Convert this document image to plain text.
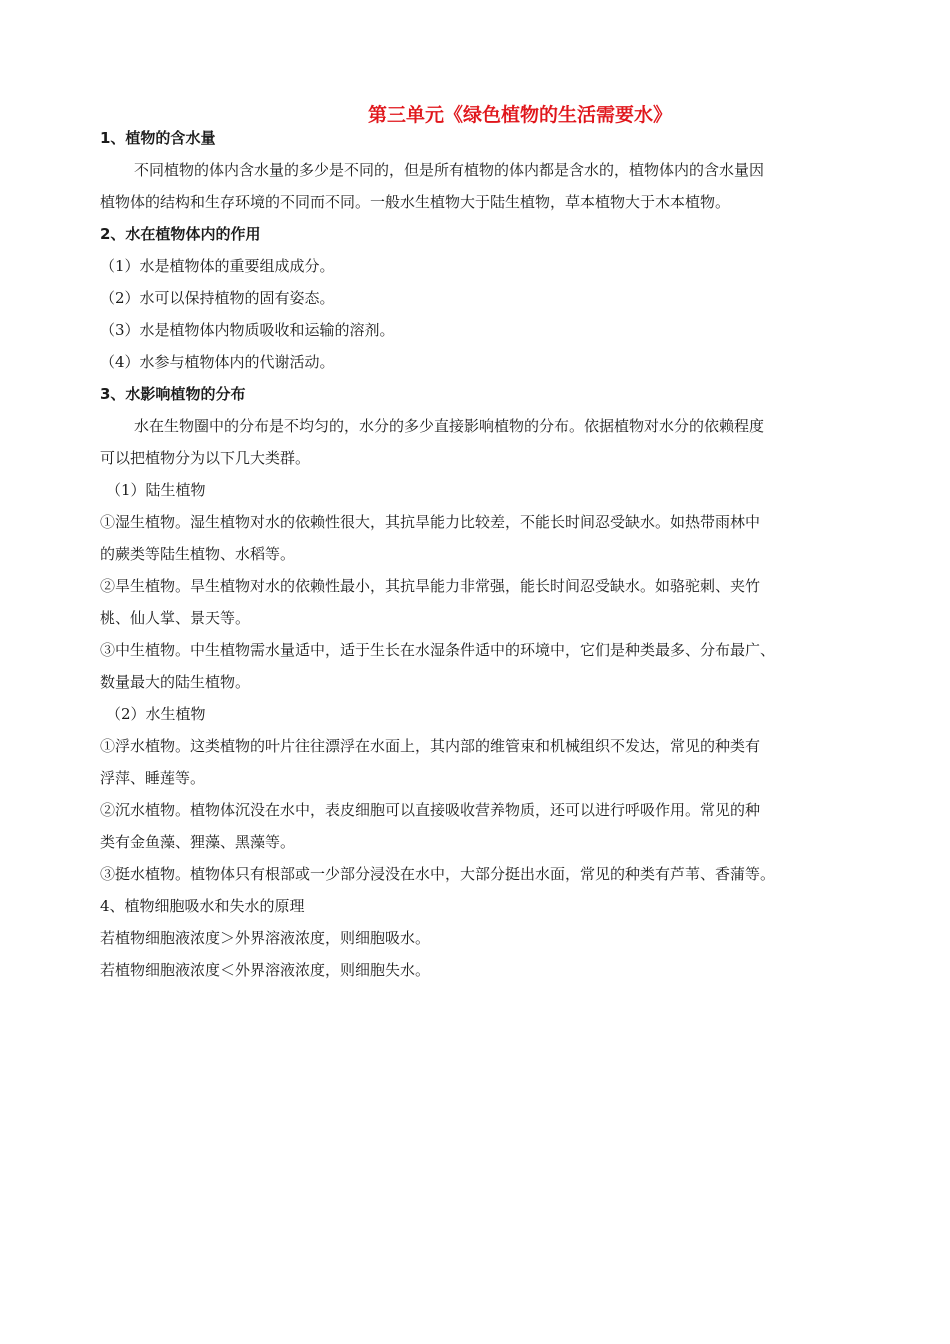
第三单元《绿色植物的生活需要水》

1、植物的含水量

不同植物的体内含水量的多少是不同的，但是所有植物的体内都是含水的，植物体内的含水量因

植物体的结构和生存环境的不同而不同。一般水生植物大于陆生植物，草本植物大于木本植物。

2、水在植物体内的作用

（1）水是植物体的重要组成成分。

（2）水可以保持植物的固有姿态。

（3）水是植物体内物质吸收和运输的溶剂。

（4）水参与植物体内的代谢活动。

3、水影响植物的分布

水在生物圈中的分布是不均匀的，水分的多少直接影响植物的分布。依据植物对水分的依赖程度

可以把植物分为以下几大类群。

（1）陆生植物

①湿生植物。湿生植物对水的依赖性很大，其抗旱能力比较差，不能长时间忍受缺水。如热带雨林中

的蕨类等陆生植物、水稻等。

②旱生植物。旱生植物对水的依赖性最小，其抗旱能力非常强，能长时间忍受缺水。如骆驼刺、夹竹

桃、仙人掌、景天等。

③中生植物。中生植物需水量适中，适于生长在水湿条件适中的环境中，它们是种类最多、分布最广、

数量最大的陆生植物。

（2）水生植物

①浮水植物。这类植物的叶片往往漂浮在水面上，其内部的维管束和机械组织不发达，常见的种类有

浮萍、睡莲等。

②沉水植物。植物体沉没在水中，表皮细胞可以直接吸收营养物质，还可以进行呼吸作用。常见的种

类有金鱼藻、狸藻、黑藻等。

③挺水植物。植物体只有根部或一少部分浸没在水中，大部分挺出水面，常见的种类有芦苇、香蒲等。

4、植物细胞吸水和失水的原理

若植物细胞液浓度＞外界溶液浓度，则细胞吸水。

若植物细胞液浓度＜外界溶液浓度，则细胞失水。
